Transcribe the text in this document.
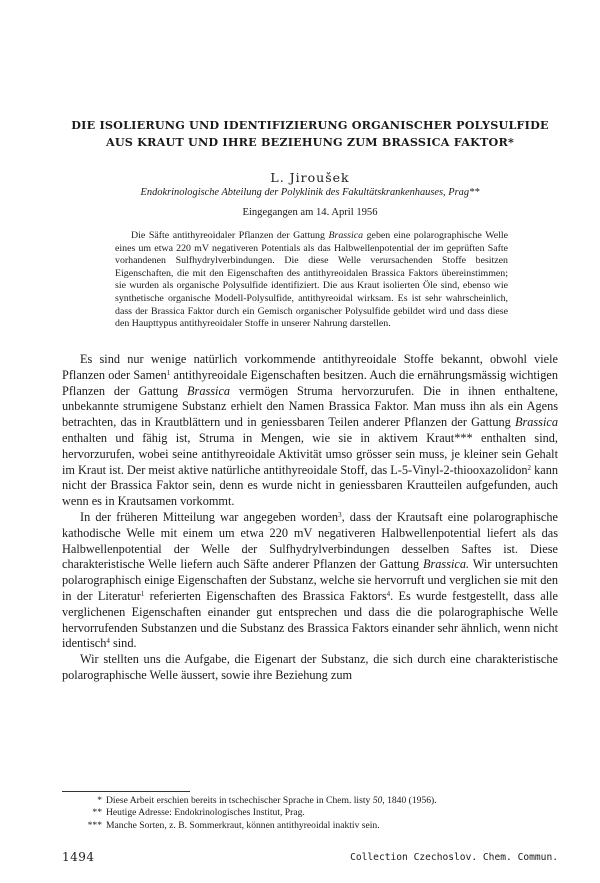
DIE ISOLIERUNG UND IDENTIFIZIERUNG ORGANISCHER POLYSULFIDE
AUS KRAUT UND IHRE BEZIEHUNG ZUM BRASSICA FAKTOR*
L. Jiroušek
Endokrinologische Abteilung der Polyklinik des Fakultätskrankenhauses, Prag**
Eingegangen am 14. April 1956

Die Säfte antithyreoidaler Pflanzen der Gattung Brassica geben eine polarographische Welle eines um etwa 220 mV negativeren Potentials als das Halbwellenpotential der im geprüften Safte vorhandenen Sulfhydrylverbindungen. Die diese Welle verursachenden Stoffe besitzen Eigenschaften, die mit den Eigenschaften des antithyreoidalen Brassica Faktors übereinstimmen; sie wurden als organische Polysulfide identifiziert. Die aus Kraut isolierten Öle sind, ebenso wie synthetische organische Modell-Polysulfide, antithyreoidal wirksam. Es ist sehr wahrscheinlich, dass der Brassica Faktor durch ein Gemisch organischer Polysulfide gebildet wird und dass diese den Haupttypus antithyreoidaler Stoffe in unserer Nahrung darstellen.

Es sind nur wenige natürlich vorkommende antithyreoidale Stoffe bekannt, obwohl viele Pflanzen oder Samen$^1$ antithyreoidale Eigenschaften besitzen. Auch die ernährungsmässig wichtigen Pflanzen der Gattung Brassica vermögen Struma hervorzurufen. Die in ihnen enthaltene, unbekannte strumigene Substanz erhielt den Namen Brassica Faktor. Man muss ihn als ein Agens betrachten, das in Krautblättern und in geniessbaren Teilen anderer Pflanzen der Gattung Brassica enthalten und fähig ist, Struma in Mengen, wie sie in aktivem Kraut*** enthalten sind, hervorzurufen, wobei seine antithyreoidale Aktivität umso grösser sein muss, je kleiner sein Gehalt im Kraut ist. Der meist aktive natürliche antithyreoidale Stoff, das L-5-Vinyl-2-thiooxazolidon$^2$ kann nicht der Brassica Faktor sein, denn es wurde nicht in geniessbaren Krautteilen aufgefunden, auch wenn es in Krautsamen vorkommt.

In der früheren Mitteilung war angegeben worden$^3$, dass der Krautsaft eine polarographische kathodische Welle mit einem um etwa 220 mV negativeren Halbwellenpotential liefert als das Halbwellenpotential der Welle der Sulfhydrylverbindungen desselben Saftes ist. Diese charakteristische Welle liefern auch Säfte anderer Pflanzen der Gattung Brassica. Wir untersuchten polarographisch einige Eigenschaften der Substanz, welche sie hervorruft und verglichen sie mit den in der Literatur$^1$ referierten Eigenschaften des Brassica Faktors$^4$. Es wurde festgestellt, dass alle verglichenen Eigenschaften einander gut entsprechen und dass die die polarographische Welle hervorrufenden Substanzen und die Substanz des Brassica Faktors einander sehr ähnlich, wenn nicht identisch$^4$ sind.

Wir stellten uns die Aufgabe, die Eigenart der Substanz, die sich durch eine charakteristische polarographische Welle äussert, sowie ihre Beziehung zum

* Diese Arbeit erschien bereits in tschechischer Sprache in Chem. listy 50, 1840 (1956).

** Heutige Adresse: Endokrinologisches Institut, Prag.

*** Manche Sorten, z. B. Sommerkraut, können antithyreoidal inaktiv sein.

1494	Collection Czechoslov. Chem. Commun.
